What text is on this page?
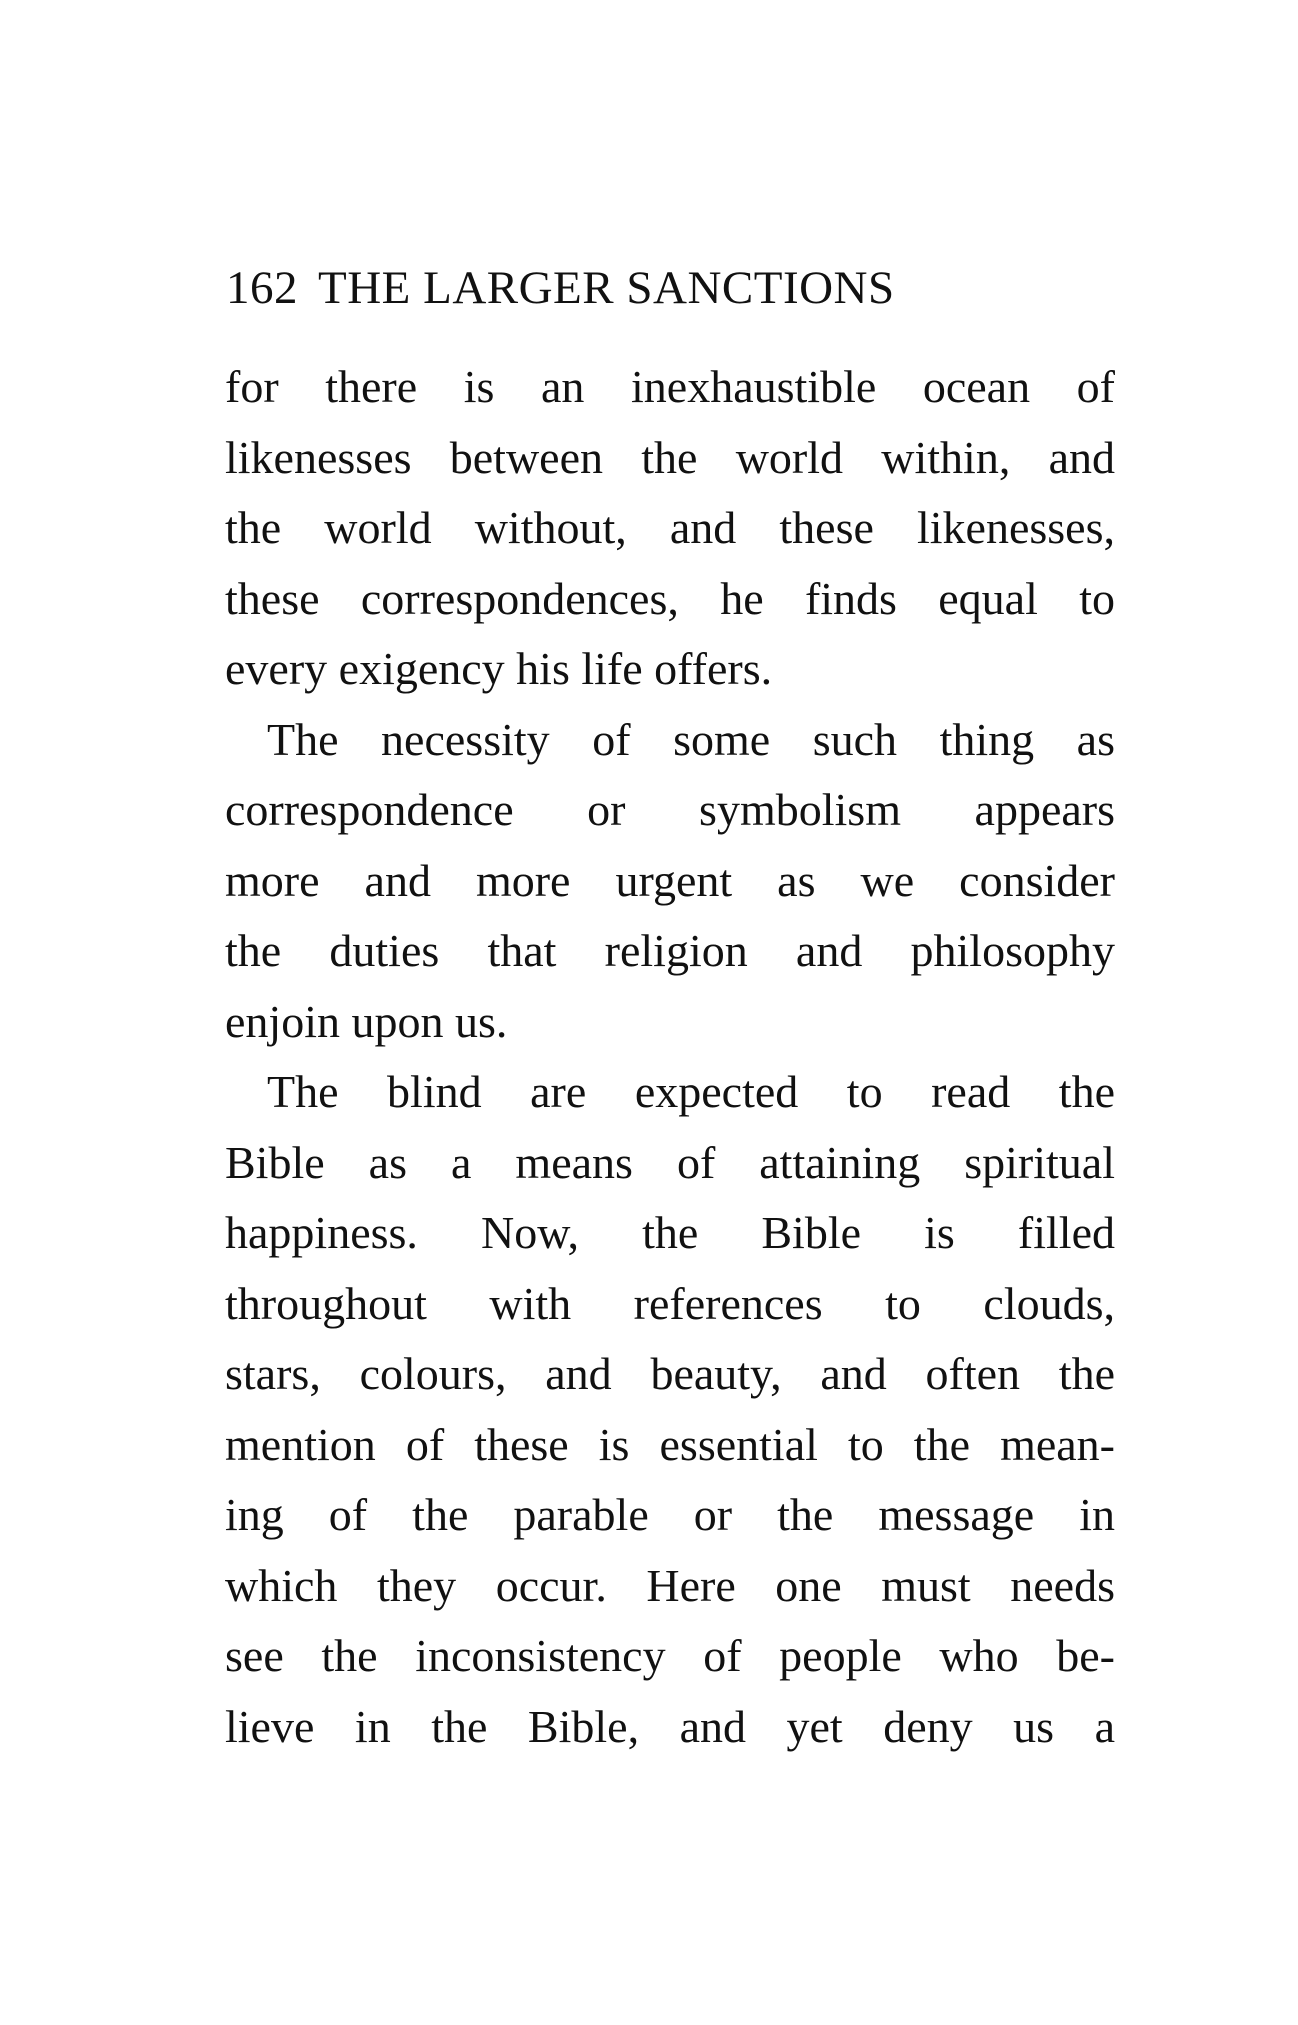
162 THE LARGER SANCTIONS
for there is an inexhaustible ocean of
likenesses between the world within, and
the world without, and these likenesses,
these correspondences, he finds equal to
every exigency his life offers.
The necessity of some such thing as
correspondence or symbolism appears
more and more urgent as we consider
the duties that religion and philosophy
enjoin upon us.
The blind are expected to read the
Bible as a means of attaining spiritual
happiness. Now, the Bible is filled
throughout with references to clouds,
stars, colours, and beauty, and often the
mention of these is essential to the mean-
ing of the parable or the message in
which they occur. Here one must needs
see the inconsistency of people who be-
lieve in the Bible, and yet deny us a
